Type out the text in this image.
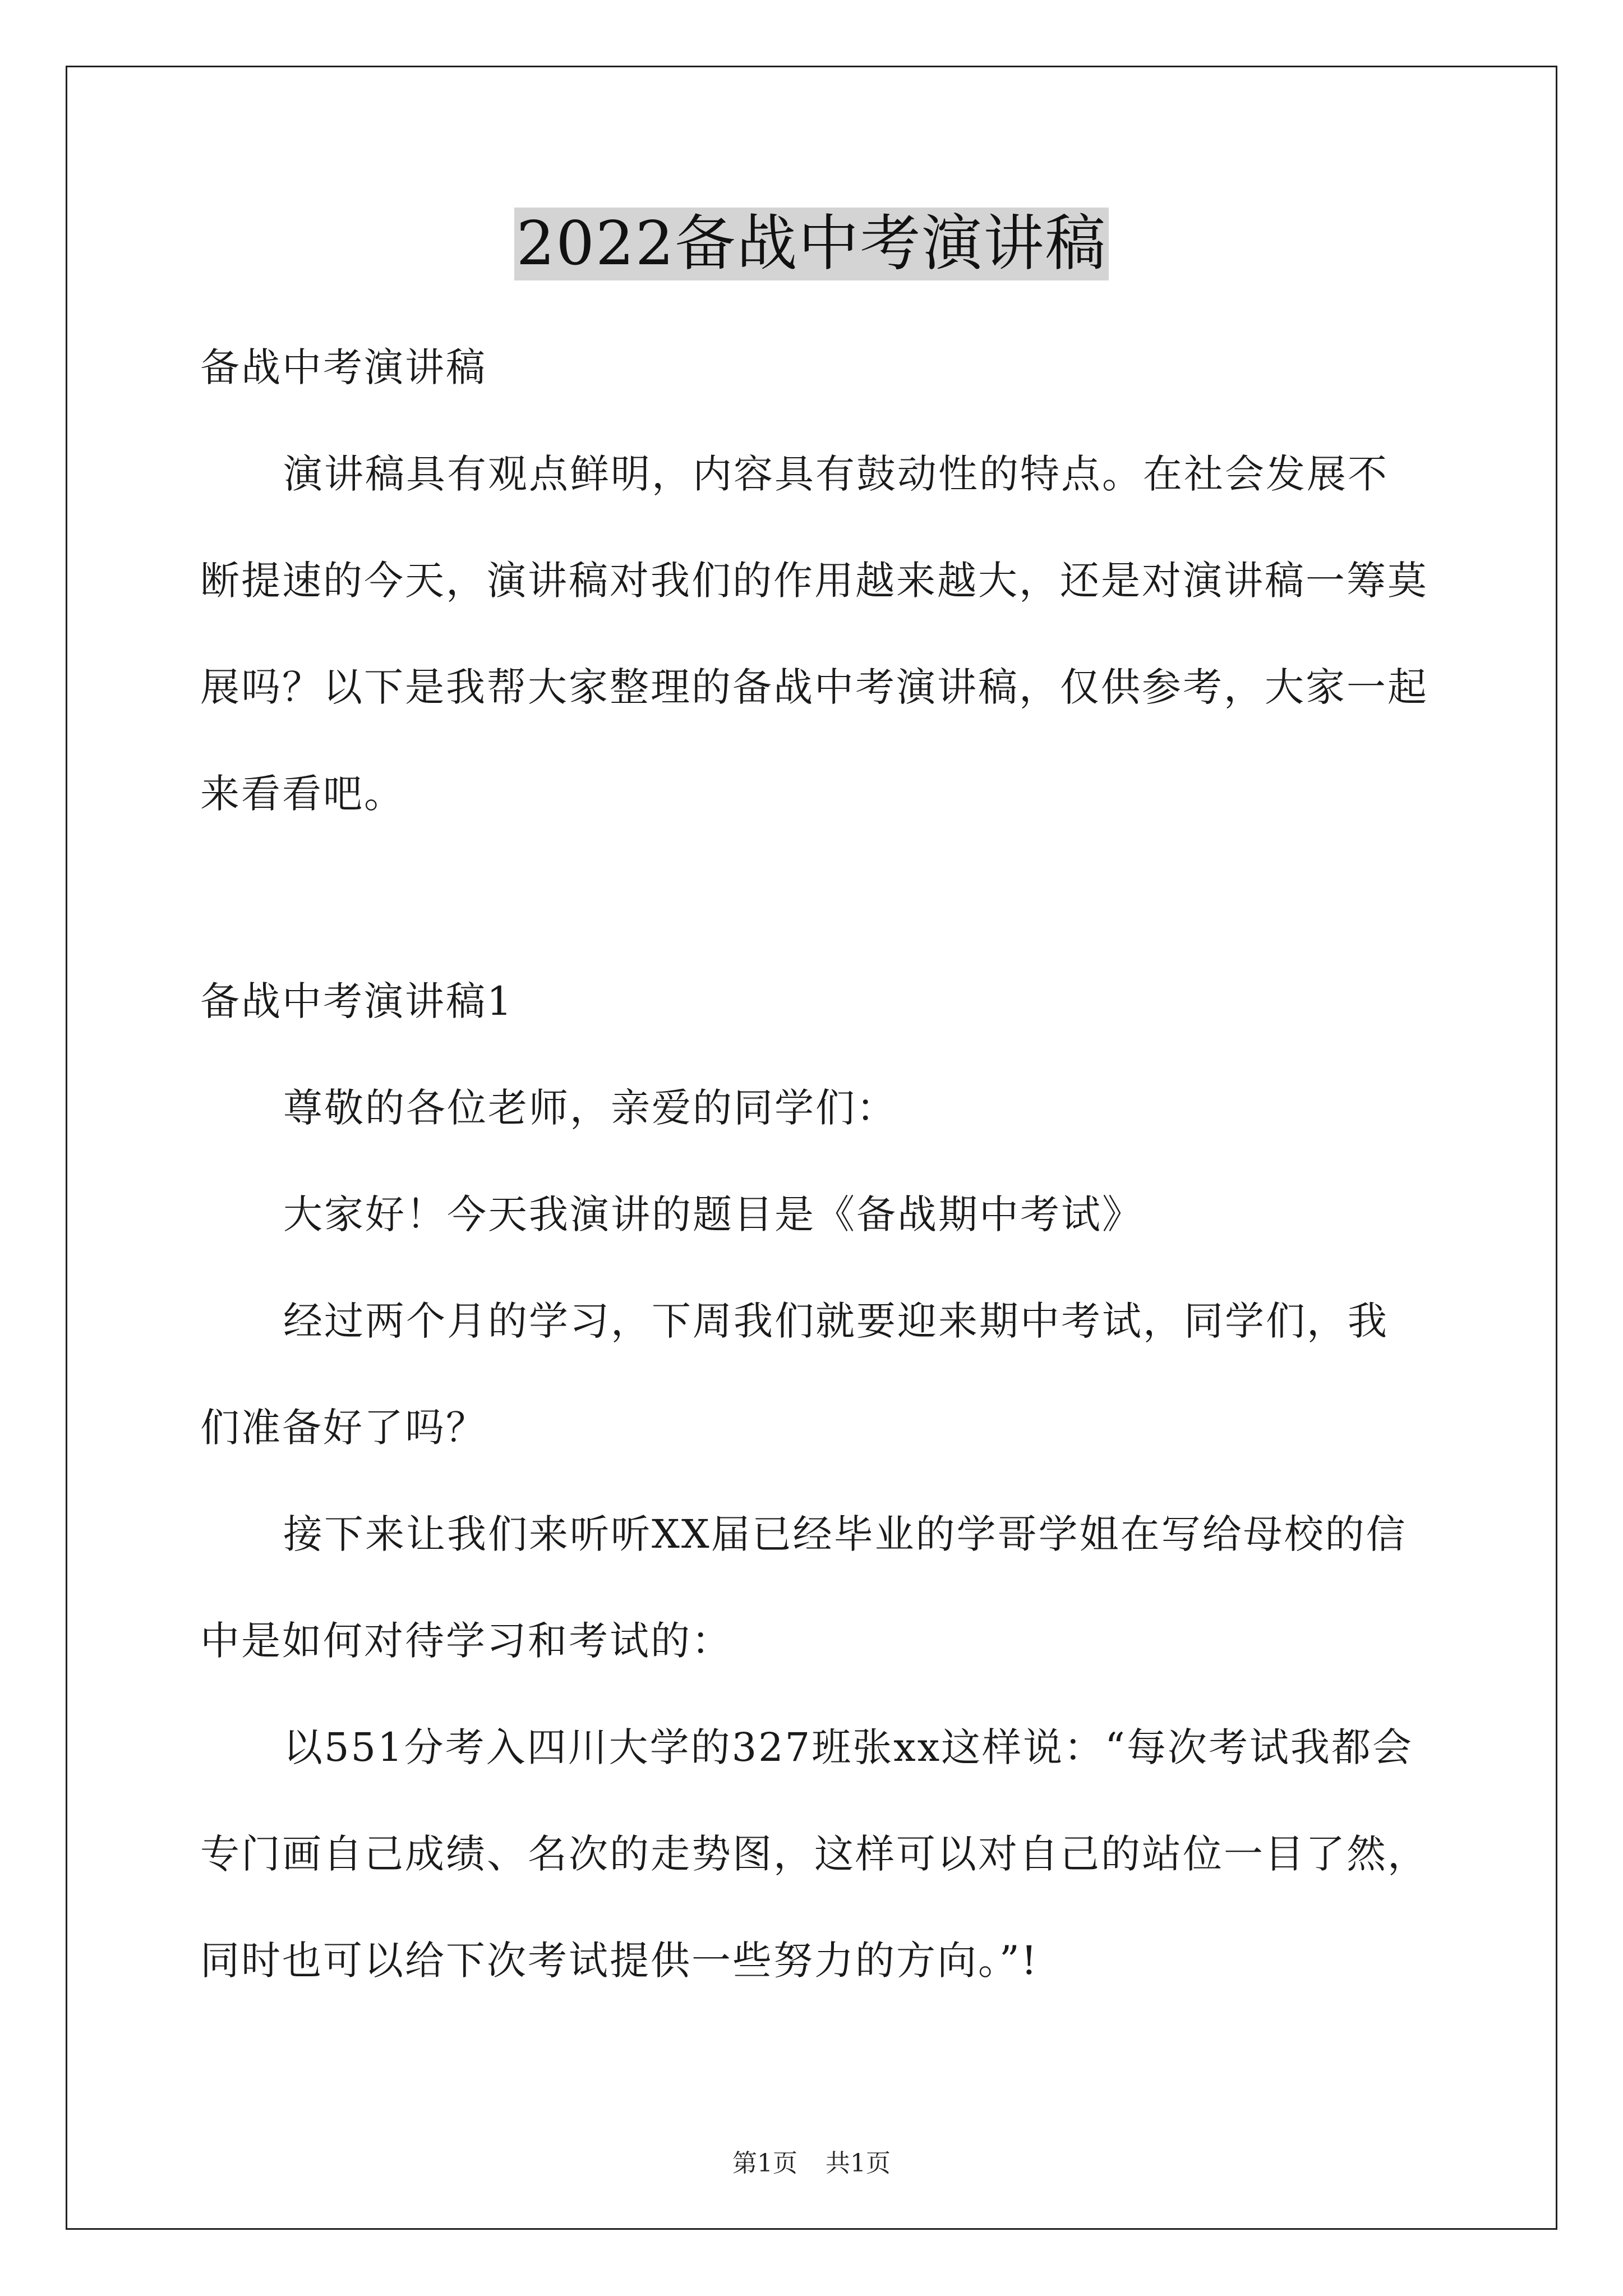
2022备战中考演讲稿
备战中考演讲稿

演讲稿具有观点鲜明，内容具有鼓动性的特点。在社会发展不断提速的今天，演讲稿对我们的作用越来越大，还是对演讲稿一筹莫展吗？以下是我帮大家整理的备战中考演讲稿，仅供参考，大家一起来看看吧。

备战中考演讲稿1

尊敬的各位老师，亲爱的同学们：

大家好！今天我演讲的题目是《备战期中考试》

经过两个月的学习，下周我们就要迎来期中考试，同学们，我们准备好了吗？

接下来让我们来听听XX届已经毕业的学哥学姐在写给母校的信中是如何对待学习和考试的：

以551分考入四川大学的327班张xx这样说：“每次考试我都会专门画自己成绩、名次的走势图，这样可以对自己的站位一目了然，同时也可以给下次考试提供一些努力的方向。”!

第1页 共1页
